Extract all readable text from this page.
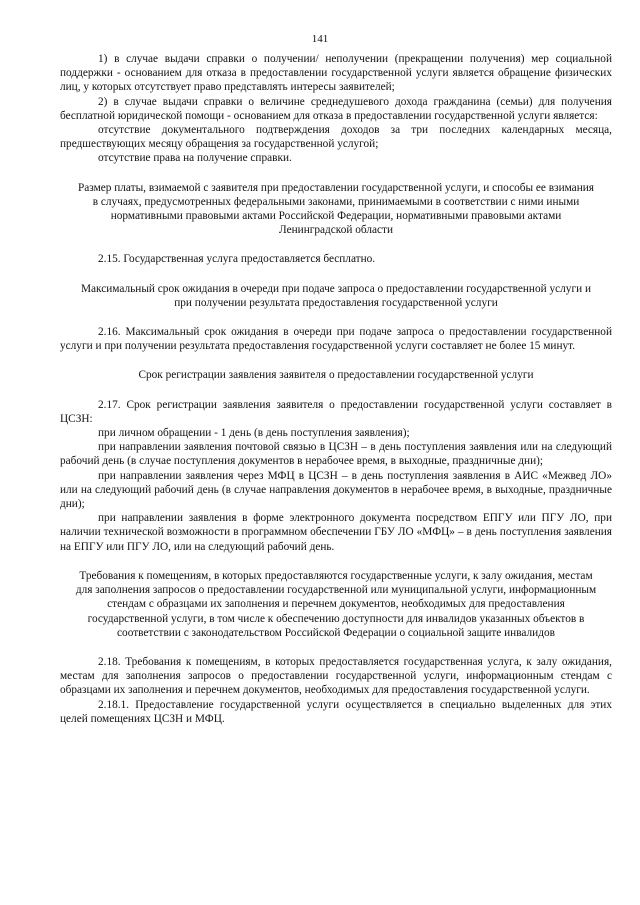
141

1) в случае выдачи справки о получении/ неполучении (прекращении получения) мер социальной поддержки - основанием для отказа в предоставлении государственной услуги является обращение физических лиц, у которых отсутствует право представлять интересы заявителей;

2) в случае выдачи справки о величине среднедушевого дохода гражданина (семьи) для получения бесплатной юридической помощи - основанием для отказа в предоставлении государственной услуги является:

отсутствие документального подтверждения доходов за три последних календарных месяца, предшествующих месяцу обращения за государственной услугой;

отсутствие права на получение справки.

Размер платы, взимаемой с заявителя при предоставлении государственной услуги, и способы ее взимания в случаях, предусмотренных федеральными законами, принимаемыми в соответствии с ними иными нормативными правовыми актами Российской Федерации, нормативными правовыми актами Ленинградской области

2.15. Государственная услуга предоставляется бесплатно.

Максимальный срок ожидания в очереди при подаче запроса о предоставлении государственной услуги и при получении результата предоставления государственной услуги

2.16. Максимальный срок ожидания в очереди при подаче запроса о предоставлении государственной услуги и при получении результата предоставления государственной услуги составляет не более 15 минут.

Срок регистрации заявления заявителя о предоставлении государственной услуги

2.17. Срок регистрации заявления заявителя о предоставлении государственной услуги составляет в ЦСЗН:

при личном обращении - 1 день (в день поступления заявления);

при направлении заявления почтовой связью в ЦСЗН – в день поступления заявления или на следующий рабочий день (в случае поступления документов в нерабочее время, в выходные, праздничные дни);

при направлении заявления через МФЦ в ЦСЗН – в день поступления заявления в АИС «Межвед ЛО» или на следующий рабочий день (в случае направления документов в нерабочее время, в выходные, праздничные дни);

при направлении заявления в форме электронного документа посредством ЕПГУ или ПГУ ЛО, при наличии технической возможности в программном обеспечении ГБУ ЛО «МФЦ» – в день поступления заявления на ЕПГУ или ПГУ ЛО, или на следующий рабочий день.

Требования к помещениям, в которых предоставляются государственные услуги, к залу ожидания, местам для заполнения запросов о предоставлении государственной или муниципальной услуги, информационным стендам с образцами их заполнения и перечнем документов, необходимых для предоставления государственной услуги, в том числе к обеспечению доступности для инвалидов указанных объектов в соответствии с законодательством Российской Федерации о социальной защите инвалидов

2.18. Требования к помещениям, в которых предоставляется государственная услуга, к залу ожидания, местам для заполнения запросов о предоставлении государственной услуги, информационным стендам с образцами их заполнения и перечнем документов, необходимых для предоставления государственной услуги.

2.18.1. Предоставление государственной услуги осуществляется в специально выделенных для этих целей помещениях ЦСЗН и МФЦ.
